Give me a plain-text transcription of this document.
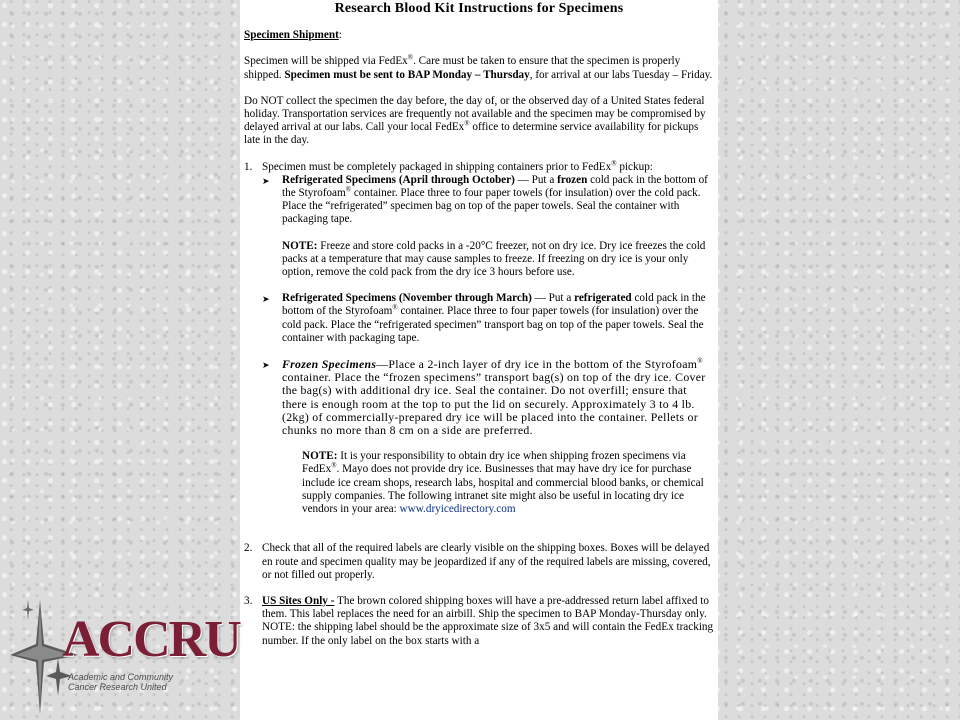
Research Blood Kit Instructions for Specimens

Specimen Shipment:

Specimen will be shipped via FedEx®. Care must be taken to ensure that the specimen is properly shipped. Specimen must be sent to BAP Monday – Thursday, for arrival at our labs Tuesday – Friday.

Do NOT collect the specimen the day before, the day of, or the observed day of a United States federal holiday. Transportation services are frequently not available and the specimen may be compromised by delayed arrival at our labs. Call your local FedEx® office to determine service availability for pickups late in the day.

1. Specimen must be completely packaged in shipping containers prior to FedEx® pickup:
➤	Refrigerated Specimens (April through October) — Put a frozen cold pack in the bottom of the Styrofoam® container. Place three to four paper towels (for insulation) over the cold pack. Place the “refrigerated” specimen bag on top of the paper towels. Seal the container with packaging tape.
NOTE: Freeze and store cold packs in a -20°C freezer, not on dry ice. Dry ice freezes the cold packs at a temperature that may cause samples to freeze. If freezing on dry ice is your only option, remove the cold pack from the dry ice 3 hours before use.
➤	Refrigerated Specimens (November through March) — Put a refrigerated cold pack in the bottom of the Styrofoam® container. Place three to four paper towels (for insulation) over the cold pack. Place the “refrigerated specimen” transport bag on top of the paper towels. Seal the container with packaging tape.
➤	Frozen Specimens—Place a 2-inch layer of dry ice in the bottom of the Styrofoam® container. Place the “frozen specimens” transport bag(s) on top of the dry ice. Cover the bag(s) with additional dry ice. Seal the container. Do not overfill; ensure that there is enough room at the top to put the lid on securely. Approximately 3 to 4 lb. (2kg) of commercially-prepared dry ice will be placed into the container. Pellets or chunks no more than 8 cm on a side are preferred.
NOTE: It is your responsibility to obtain dry ice when shipping frozen specimens via FedEx®. Mayo does not provide dry ice. Businesses that may have dry ice for purchase include ice cream shops, research labs, hospital and commercial blood banks, or chemical supply companies. The following intranet site might also be useful in locating dry ice vendors in your area: www.dryicedirectory.com
2. Check that all of the required labels are clearly visible on the shipping boxes. Boxes will be delayed en route and specimen quality may be jeopardized if any of the required labels are missing, covered, or not filled out properly.
3. US Sites Only - The brown colored shipping boxes will have a pre-addressed return label affixed to them. This label replaces the need for an airbill. Ship the specimen to BAP Monday-Thursday only. NOTE: the shipping label should be the approximate size of 3x5 and will contain the FedEx tracking number. If the only label on the box starts with a
ACCRU
Academic and Community
Cancer Research United
